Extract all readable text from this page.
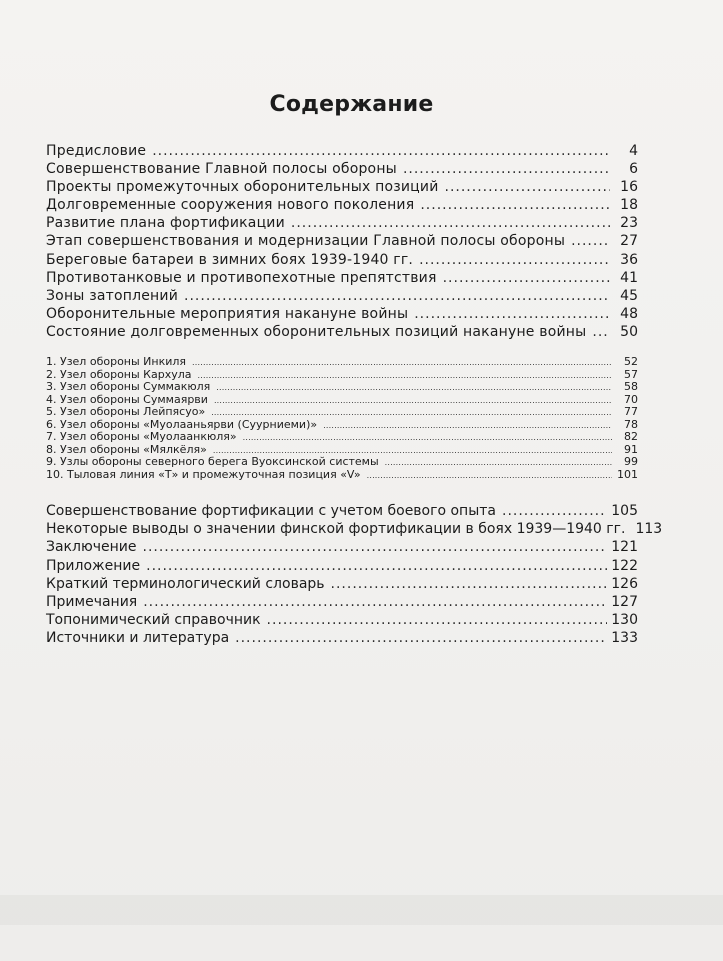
Содержание
Предисловие .....	4
Совершенствование Главной полосы обороны .....	6
Проекты промежуточных оборонительных позиций .....	16
Долговременные сооружения нового поколения .....	18
Развитие плана фортификации .....	23
Этап совершенствования и модернизации Главной полосы обороны .....	27
Береговые батареи в зимних боях 1939-1940 гг. .....	36
Противотанковые и противопехотные препятствия .....	41
Зоны затоплений .....	45
Оборонительные мероприятия накануне войны .....	48
Состояние долговременных оборонительных позиций накануне войны .....	50
1. Узел обороны Инкиля .....	52
2. Узел обороны Кархула .....	57
3. Узел обороны Суммакюля .....	58
4. Узел обороны Суммаярви .....	70
5. Узел обороны Лейпясуо» .....	77
6. Узел обороны «Муолааньярви (Суурниеми)» .....	78
7. Узел обороны «Муолаанкюля» .....	82
8. Узел обороны «Мялкёля» .....	91
9. Узлы обороны северного берега Вуоксинской системы .....	99
10. Тыловая линия «Т» и промежуточная позиция «V» .....	101
Совершенствование фортификации с учетом боевого опыта .....	105
Некоторые выводы о значении финской фортификации в боях 1939—1940 гг. 113
Заключение .....	121
Приложение .....	122
Краткий терминологический словарь .....	126
Примечания .....	127
Топонимический справочник .....	130
Источники и литература .....	133
